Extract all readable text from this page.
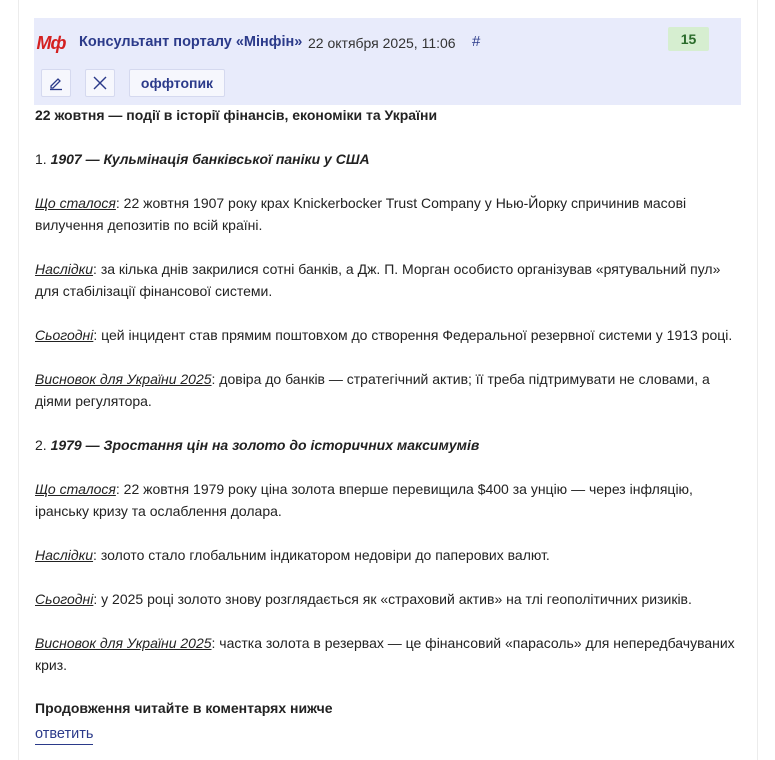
Мф Консультант порталу «Мінфін» 22 октября 2025, 11:06 #	15
оффтопик

22 жовтня — події в історії фінансів, економіки та України

1. 1907 — Кульмінація банківської паніки у США

Що сталося: 22 жовтня 1907 року крах Knickerbocker Trust Company у Нью-Йорку спричинив масові вилучення депозитів по всій країні.

Наслідки: за кілька днів закрилися сотні банків, а Дж. П. Морган особисто організував «рятувальний пул» для стабілізації фінансової системи.

Сьогодні: цей інцидент став прямим поштовхом до створення Федеральної резервної системи у 1913 році.

Висновок для України 2025: довіра до банків — стратегічний актив; її треба підтримувати не словами, а діями регулятора.

2. 1979 — Зростання цін на золото до історичних максимумів

Що сталося: 22 жовтня 1979 року ціна золота вперше перевищила $400 за унцію — через інфляцію, іранську кризу та ослаблення долара.

Наслідки: золото стало глобальним індикатором недовіри до паперових валют.

Сьогодні: у 2025 році золото знову розглядається як «страховий актив» на тлі геополітичних ризиків.

Висновок для України 2025: частка золота в резервах — це фінансовий «парасоль» для непередбачуваних криз.

Продовження читайте в коментарях нижче
ответить
